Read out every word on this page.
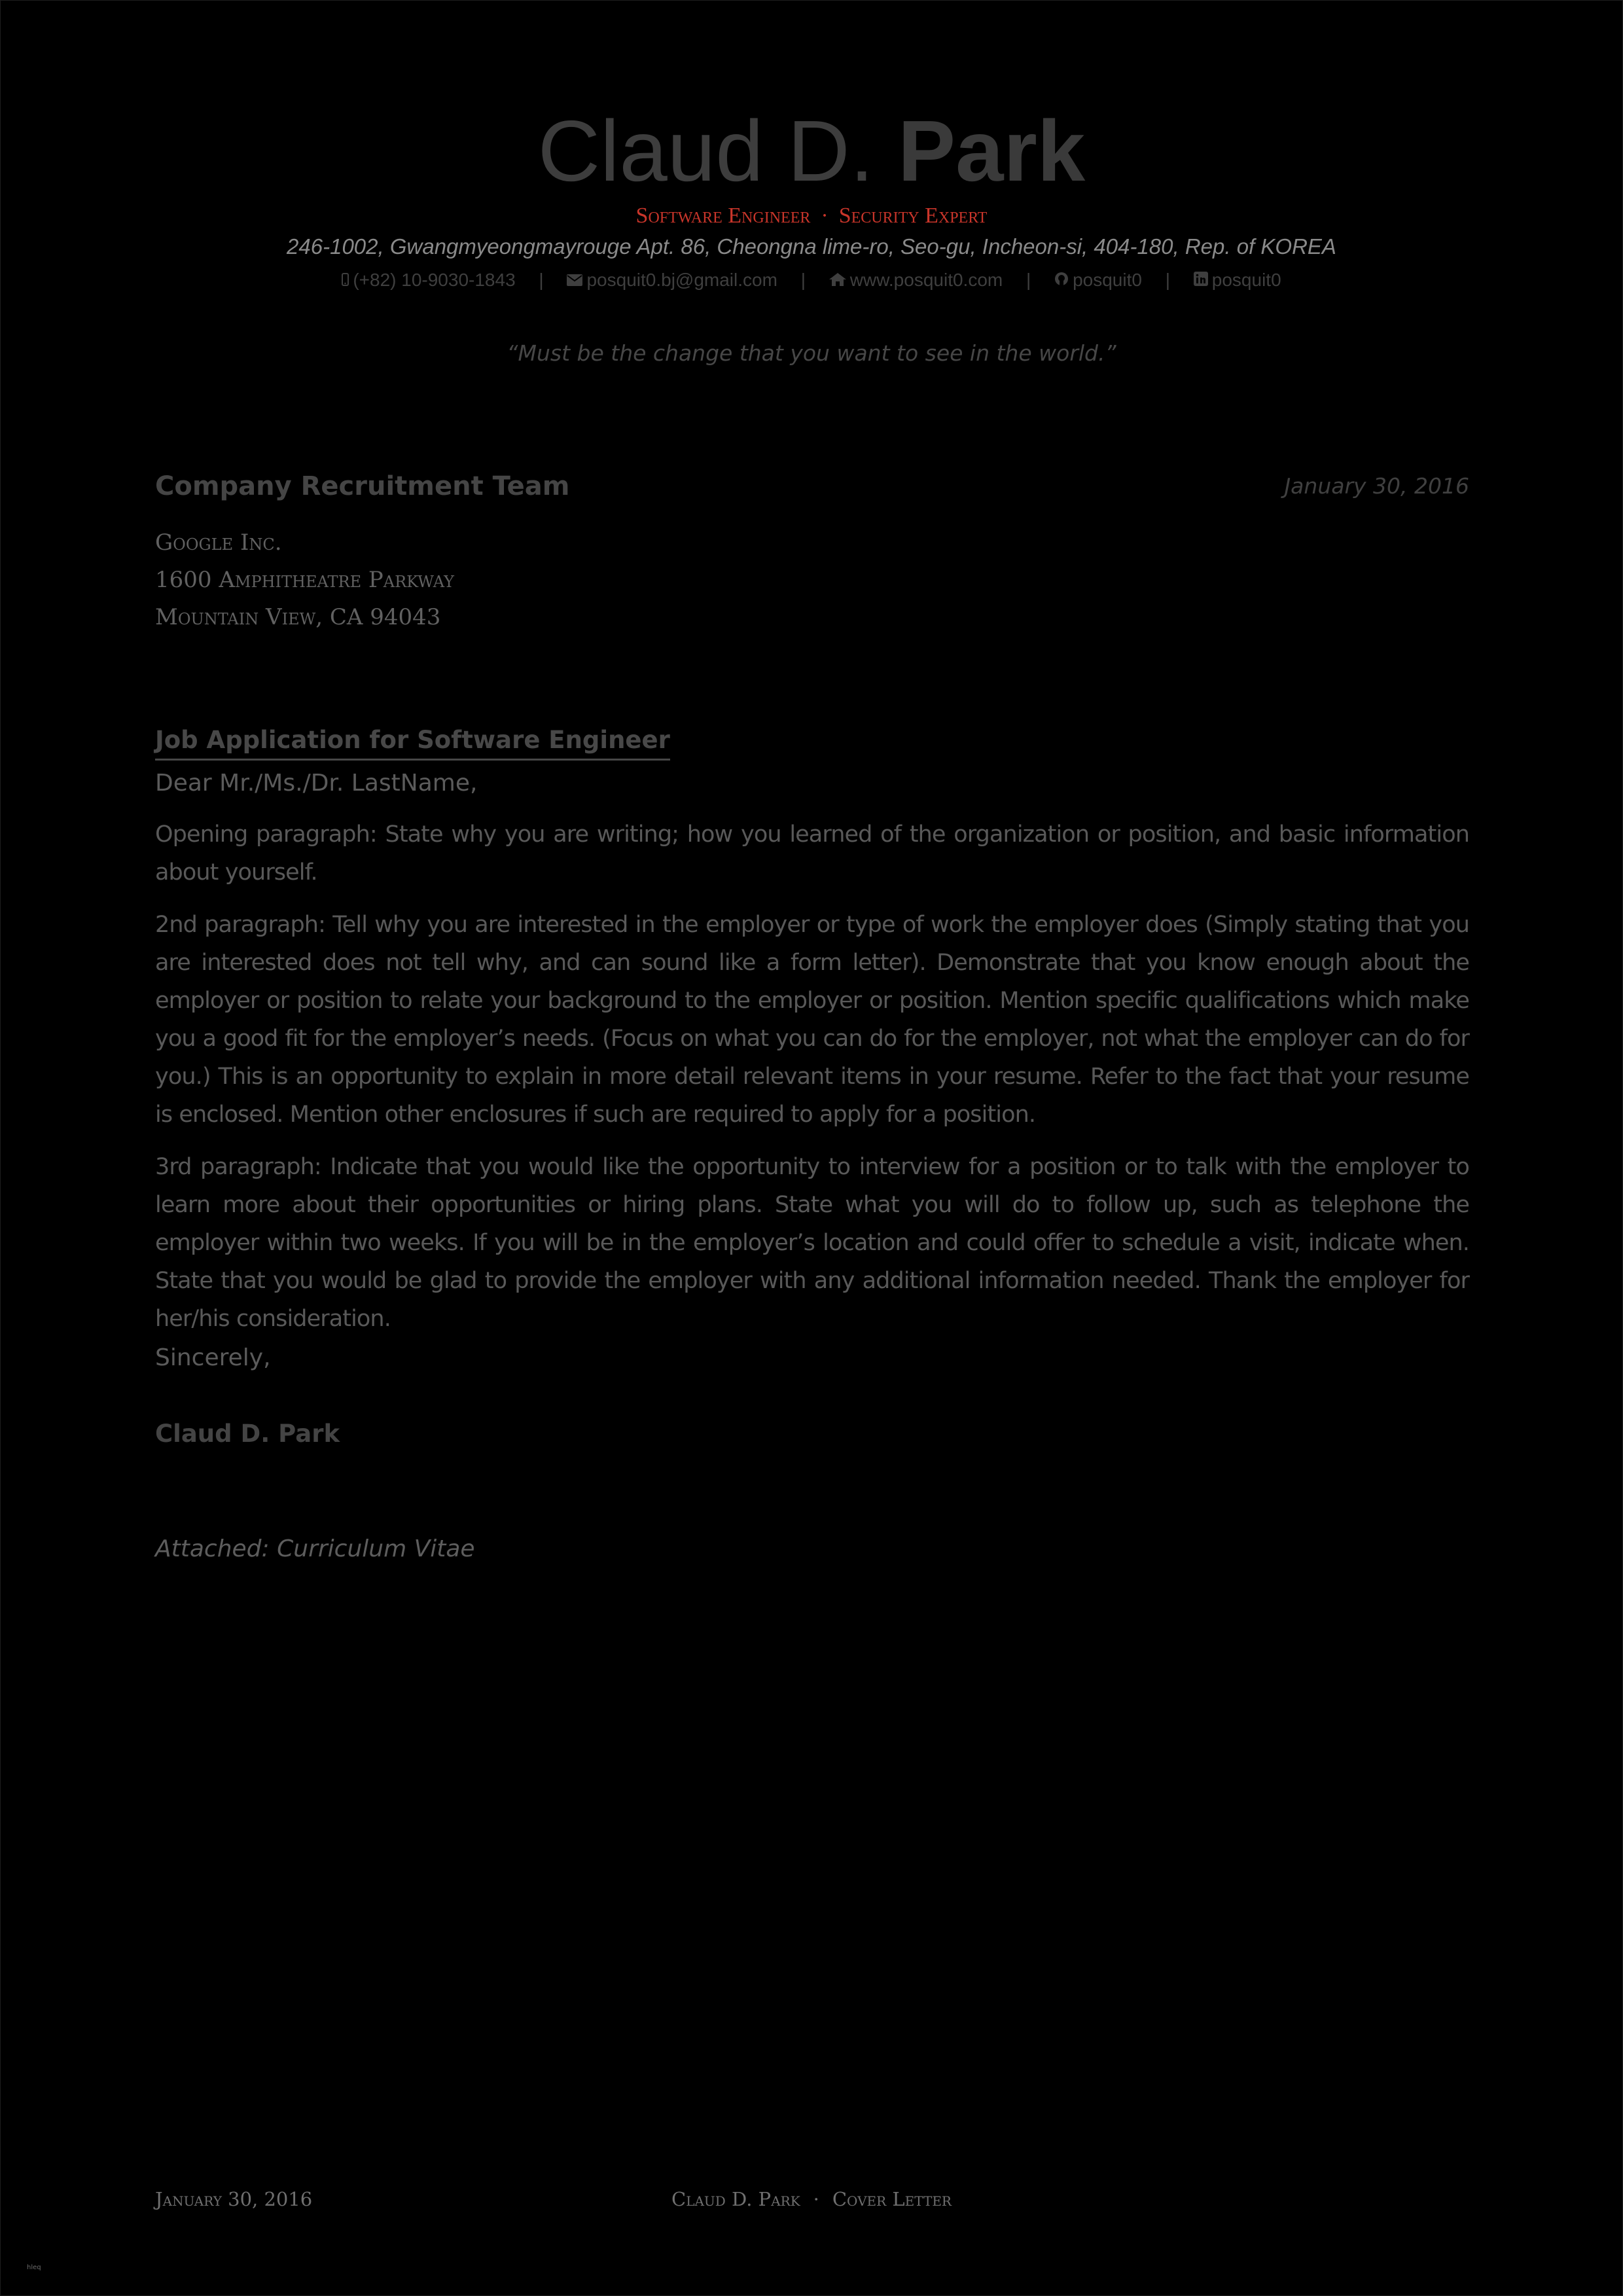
Claud D. Park
Software Engineer · Security Expert
246-1002, Gwangmyeongmayrouge Apt. 86, Cheongna lime-ro, Seo-gu, Incheon-si, 404-180, Rep. of KOREA
(+82) 10-9030-1843 | posquit0.bj@gmail.com | www.posquit0.com | posquit0 | posquit0
“Must be the change that you want to see in the world.”
Company Recruitment Team	January 30, 2016
Google Inc.
1600 Amphitheatre Parkway
Mountain View, CA 94043
Job Application for Software Engineer
Dear Mr./Ms./Dr. LastName,

Opening paragraph: State why you are writing; how you learned of the organization or position, and basic information about yourself.

2nd paragraph: Tell why you are interested in the employer or type of work the employer does (Simply stating that you are interested does not tell why, and can sound like a form letter). Demonstrate that you know enough about the employer or position to relate your background to the employer or position. Mention specific qualifications which make you a good fit for the employer’s needs. (Focus on what you can do for the employer, not what the employer can do for you.) This is an opportunity to explain in more detail relevant items in your resume. Refer to the fact that your resume is enclosed. Mention other enclosures if such are required to apply for a position.

3rd paragraph: Indicate that you would like the opportunity to interview for a position or to talk with the employer to learn more about their opportunities or hiring plans. State what you will do to follow up, such as telephone the employer within two weeks. If you will be in the employer’s location and could offer to schedule a visit, indicate when. State that you would be glad to provide the employer with any additional information needed. Thank the employer for her/his consideration.

Sincerely,
Claud D. Park
Attached: Curriculum Vitae
January 30, 2016	Claud D. Park · Cover Letter
hleq
